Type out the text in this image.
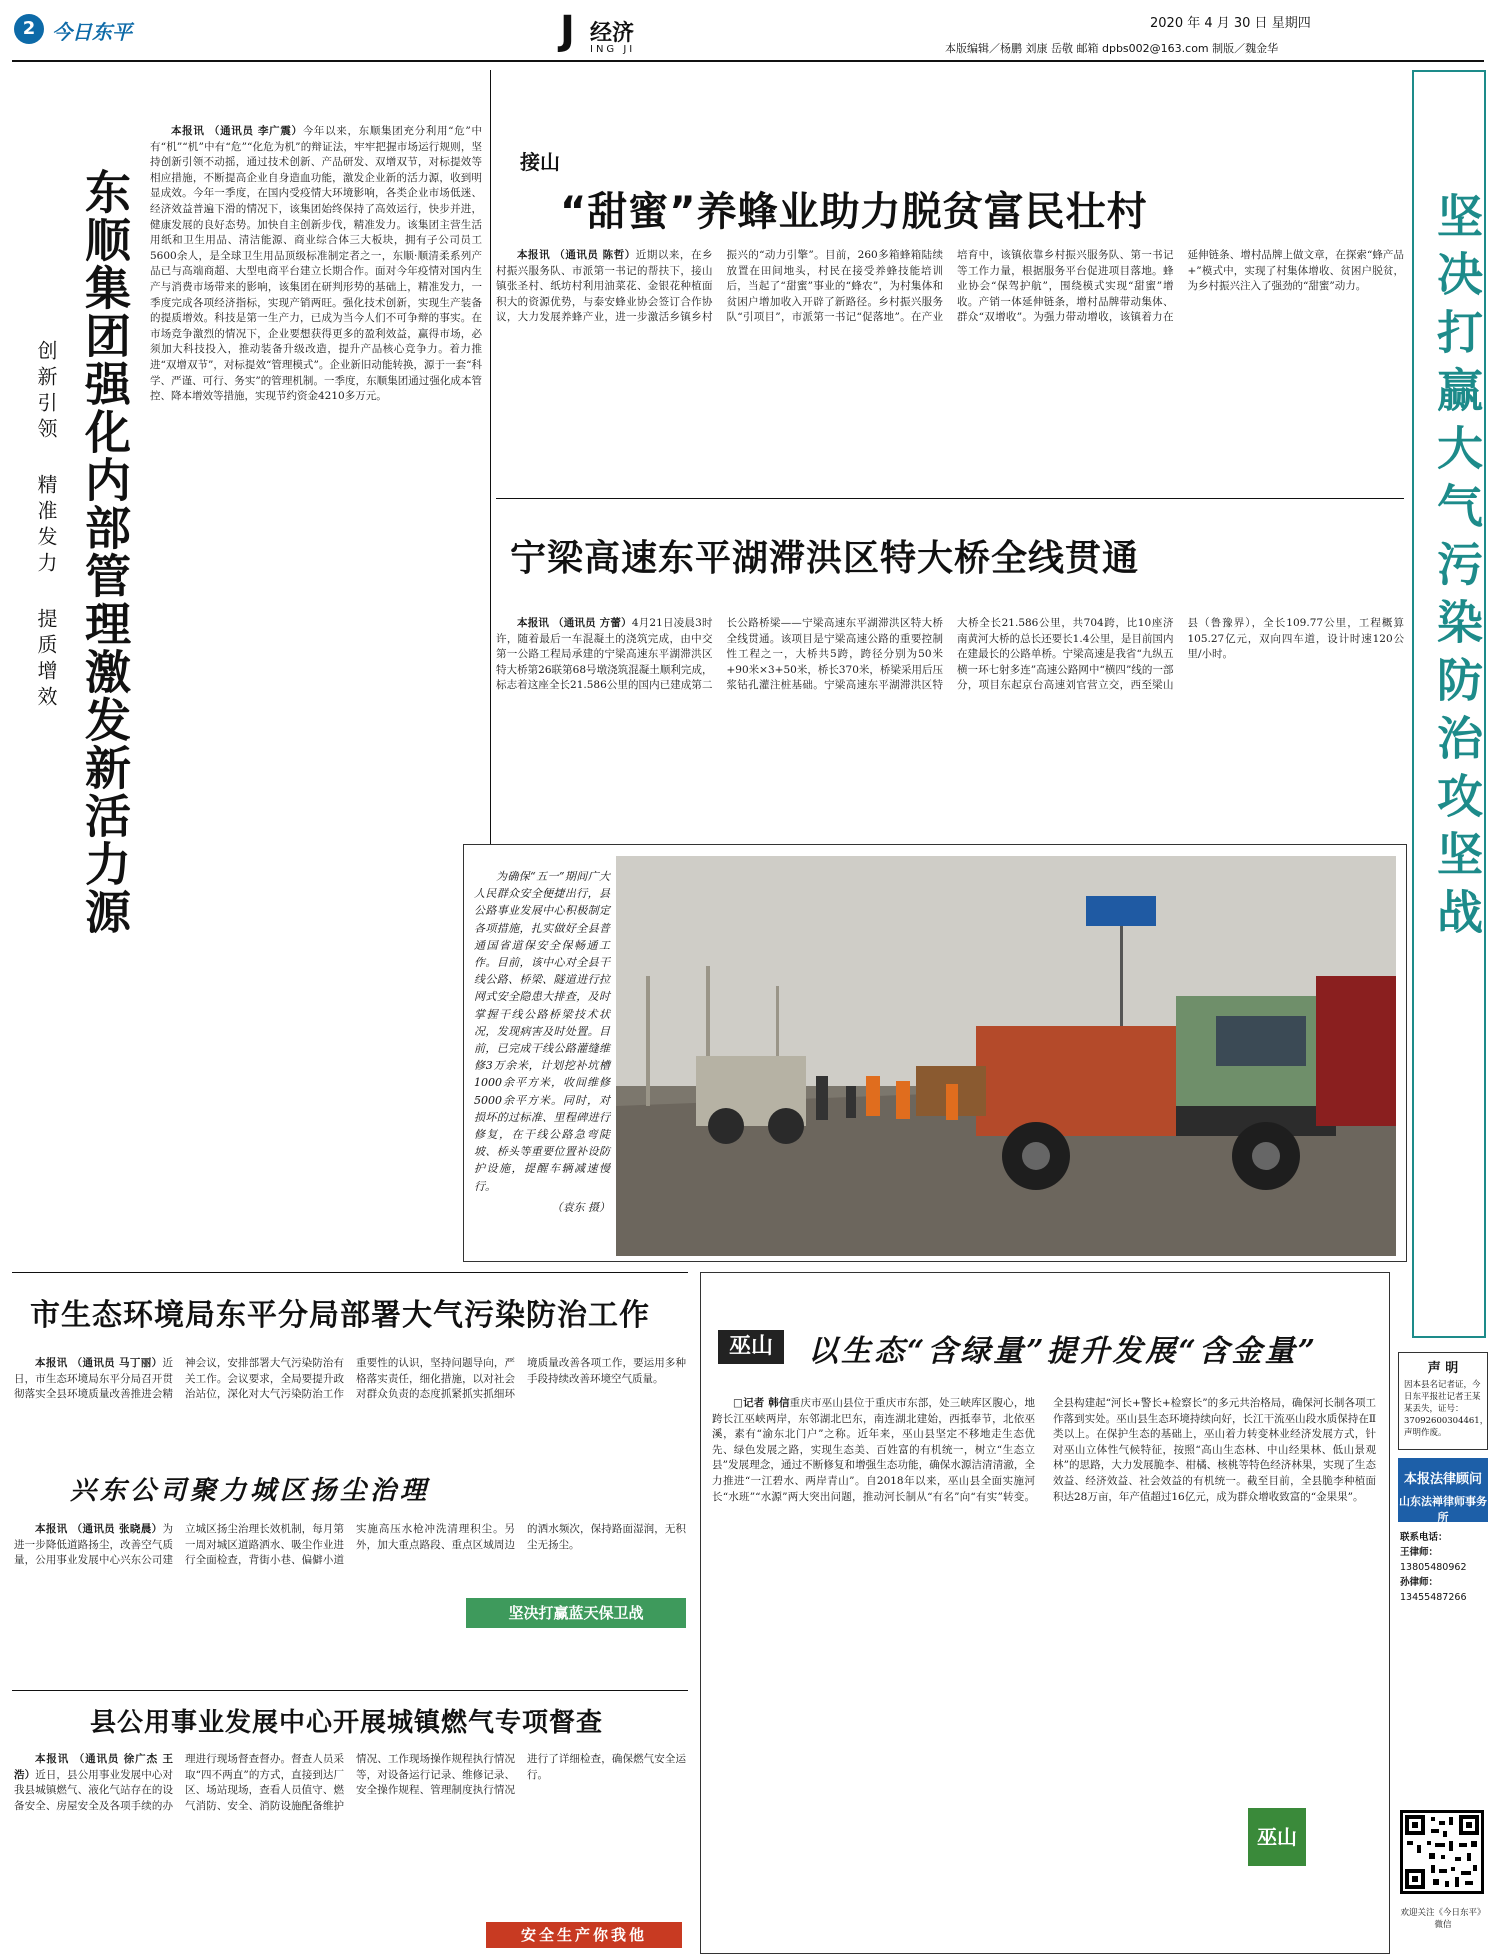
2 今日东平	J 经济
ING JI
2020 年 4 月 30 日 星期四
本版编辑／杨鹏 刘康 岳敬 邮箱 dpbs002@163.com 制版／魏金华
东顺集团强化内部管理激发新活力源
创新引领 精准发力 提质增效
本报讯 （通讯员 李广震）今年以来，东顺集团充分利用“危”中有“机”“机”中有“危”“化危为机”的辩证法，牢牢把握市场运行规则，坚持创新引领不动摇，通过技术创新、产品研发、双增双节，对标提效等相应措施，不断提高企业自身造血功能，激发企业新的活力源，收到明显成效。今年一季度，在国内受疫情大环境影响，各类企业市场低迷、经济效益普遍下滑的情况下，该集团始终保持了高效运行，快步并进，健康发展的良好态势。加快自主创新步伐，精准发力。该集团主营生活用纸和卫生用品、清洁能源、商业综合体三大板块，拥有子公司员工5600余人，是全球卫生用品顶级标准制定者之一，东顺·顺清柔系列产品已与高端商超、大型电商平台建立长期合作。面对今年疫情对国内生产与消费市场带来的影响，该集团在研判形势的基础上，精准发力，一季度完成各项经济指标，实现产销两旺。强化技术创新，实现生产装备的提质增效。科技是第一生产力，已成为当今人们不可争辩的事实。在市场竞争激烈的情况下，企业要想获得更多的盈利效益，赢得市场，必须加大科技投入，推动装备升级改造，提升产品核心竞争力。着力推进“双增双节”，对标提效“管理模式”。企业新旧动能转换，源于一套“科学、严谨、可行、务实”的管理机制。一季度，东顺集团通过强化成本管控、降本增效等措施，实现节约资金4210多万元。
接山
“甜蜜”养蜂业助力脱贫富民壮村
本报讯 （通讯员 陈哲）近期以来，在乡村振兴服务队、市派第一书记的帮扶下，接山镇张圣村、纸坊村利用油菜花、金银花种植面积大的资源优势，与泰安蜂业协会签订合作协议，大力发展养蜂产业，进一步激活乡镇乡村振兴的“动力引擎”。目前，260多箱蜂箱陆续放置在田间地头，村民在接受养蜂技能培训后，当起了“甜蜜”事业的“蜂农”，为村集体和贫困户增加收入开辟了新路径。乡村振兴服务队“引项目”，市派第一书记“促落地”。在产业培育中，该镇依靠乡村振兴服务队、第一书记等工作力量，根据服务平台促进项目落地。蜂业协会“保驾护航”，围绕模式实现“甜蜜”增收。产销一体延伸链条，增村品牌带动集体、群众“双增收”。为强力带动增收，该镇着力在延伸链条、增村品牌上做文章，在探索“蜂产品+”模式中，实现了村集体增收、贫困户脱贫，为乡村振兴注入了强劲的“甜蜜”动力。
宁梁高速东平湖滞洪区特大桥全线贯通
本报讯 （通讯员 方蕾）4月21日凌晨3时许，随着最后一车混凝土的浇筑完成，由中交第一公路工程局承建的宁梁高速东平湖滞洪区特大桥第26联第68号墩浇筑混凝土顺利完成，标志着这座全长21.586公里的国内已建成第二长公路桥梁——宁梁高速东平湖滞洪区特大桥全线贯通。该项目是宁梁高速公路的重要控制性工程之一，大桥共5跨，跨径分别为50米+90米×3+50米，桥长370米，桥梁采用后压浆钻孔灌注桩基础。宁梁高速东平湖滞洪区特大桥全长21.586公里，共704跨，比10座济南黄河大桥的总长还要长1.4公里，是目前国内在建最长的公路单桥。宁梁高速是我省“九纵五横一环七射多连”高速公路网中“横四”线的一部分，项目东起京台高速刘官营立交，西至梁山县（鲁豫界），全长109.77公里，工程概算105.27亿元，双向四车道，设计时速120公里/小时。
为确保“五一”期间广大人民群众安全便捷出行，县公路事业发展中心积极制定各项措施，扎实做好全县普通国省道保安全保畅通工作。目前，该中心对全县干线公路、桥梁、隧道进行拉网式安全隐患大排查，及时掌握干线公路桥梁技术状况，发现病害及时处置。目前，已完成干线公路灌缝维修3万余米，计划挖补坑槽1000余平方米，收间维修5000余平方米。同时，对损坏的过标准、里程碑进行修复，在干线公路急弯陡坡、桥头等重要位置补设防护设施，提醒车辆减速慢行。
（袁东 摄）
坚决打赢大气污染防治攻坚战
市生态环境局东平分局部署大气污染防治工作
本报讯 （通讯员 马丁丽）近日，市生态环境局东平分局召开贯彻落实全县环境质量改善推进会精神会议，安排部署大气污染防治有关工作。会议要求，全局要提升政治站位，深化对大气污染防治工作重要性的认识，坚持问题导向，严格落实责任，细化措施，以对社会对群众负责的态度抓紧抓实抓细环境质量改善各项工作，要运用多种手段持续改善环境空气质量。
兴东公司聚力城区扬尘治理
本报讯 （通讯员 张晓晨）为进一步降低道路扬尘，改善空气质量，公用事业发展中心兴东公司建立城区扬尘治理长效机制，每月第一周对城区道路洒水、吸尘作业进行全面检查，背街小巷、偏僻小道实施高压水枪冲洗清理积尘。另外，加大重点路段、重点区域周边的洒水频次，保持路面湿润，无积尘无扬尘。
坚决打赢蓝天保卫战
县公用事业发展中心开展城镇燃气专项督查
本报讯 （通讯员 徐广杰 王浩）近日，县公用事业发展中心对我县城镇燃气、液化气站存在的设备安全、房屋安全及各项手续的办理进行现场督查督办。督查人员采取“四不两直”的方式，直接到达厂区、场站现场，查看人员值守、燃气消防、安全、消防设施配备维护情况、工作现场操作规程执行情况等，对设备运行记录、维修记录、安全操作规程、管理制度执行情况进行了详细检查，确保燃气安全运行。
安全生产你我他
巫山	以生态“含绿量”提升发展“含金量”
□记者 韩信重庆市巫山县位于重庆市东部，处三峡库区腹心，地跨长江巫峡两岸，东邻湖北巴东，南连湖北建始，西抵奉节，北依巫溪，素有“渝东北门户”之称。近年来，巫山县坚定不移地走生态优先、绿色发展之路，实现生态美、百姓富的有机统一，树立“生态立县”发展理念，通过不断修复和增强生态功能，确保水源洁清清澈，全力推进“一江碧水、两岸青山”。自2018年以来，巫山县全面实施河长“水班”“水源”两大突出问题，推动河长制从“有名”向“有实”转变。全县构建起“河长+警长+检察长”的多元共治格局，确保河长制各项工作落到实处。巫山县生态环境持续向好，长江干流巫山段水质保持在Ⅱ类以上。在保护生态的基础上，巫山着力转变林业经济发展方式，针对巫山立体性气候特征，按照“高山生态林、中山经果林、低山景观林”的思路，大力发展脆李、柑橘、核桃等特色经济林果，实现了生态效益、经济效益、社会效益的有机统一。截至目前，全县脆李种植面积达28万亩，年产值超过16亿元，成为群众增收致富的“金果果”。
巫山
声 明
因本县名记者证，今日东平报社记者王某某丢失，证号：37092600304461，声明作废。
本报法律顾问
山东法禅律师事务所
联系电话：
王律师：13805480962
孙律师：13455487266
欢迎关注《今日东平》微信
